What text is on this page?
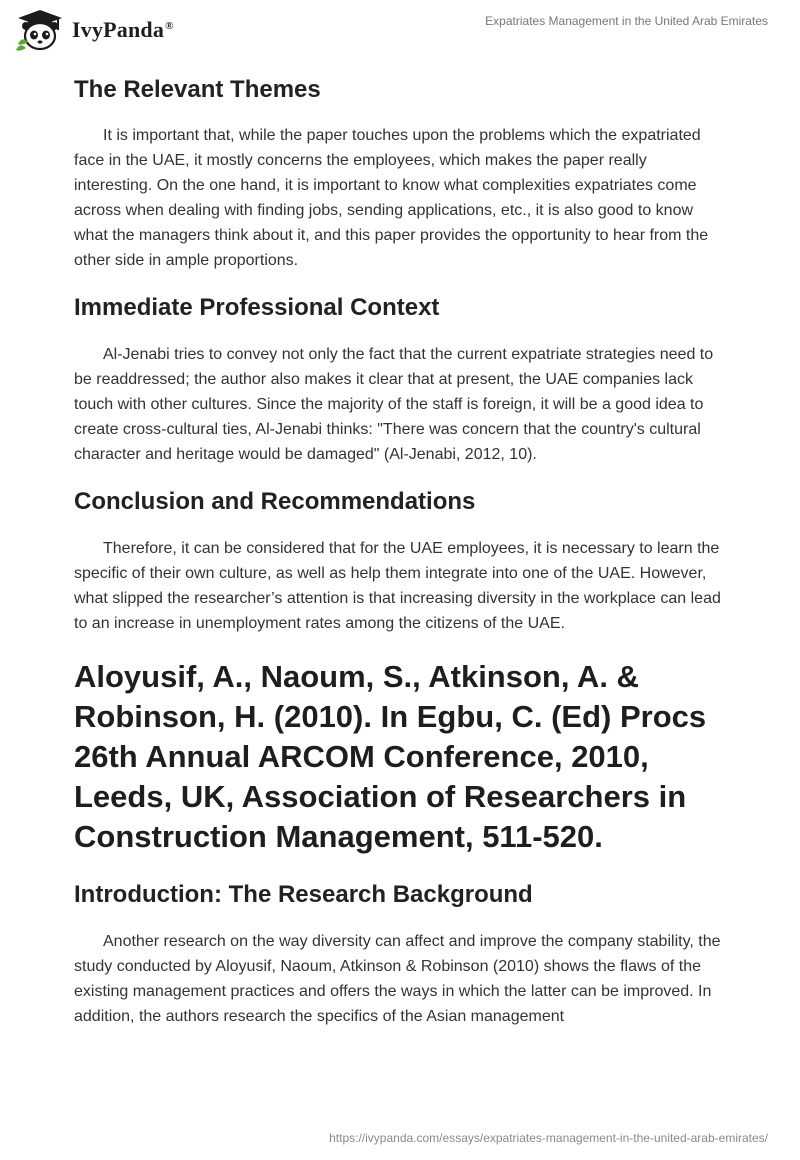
IvyPanda®	Expatriates Management in the United Arab Emirates
The Relevant Themes

It is important that, while the paper touches upon the problems which the expatriated face in the UAE, it mostly concerns the employees, which makes the paper really interesting. On the one hand, it is important to know what complexities expatriates come across when dealing with finding jobs, sending applications, etc., it is also good to know what the managers think about it, and this paper provides the opportunity to hear from the other side in ample proportions.

Immediate Professional Context

Al-Jenabi tries to convey not only the fact that the current expatriate strategies need to be readdressed; the author also makes it clear that at present, the UAE companies lack touch with other cultures. Since the majority of the staff is foreign, it will be a good idea to create cross-cultural ties, Al-Jenabi thinks: "There was concern that the country's cultural character and heritage would be damaged" (Al-Jenabi, 2012, 10).

Conclusion and Recommendations

Therefore, it can be considered that for the UAE employees, it is necessary to learn the specific of their own culture, as well as help them integrate into one of the UAE. However, what slipped the researcher’s attention is that increasing diversity in the workplace can lead to an increase in unemployment rates among the citizens of the UAE.

Aloyusif, A., Naoum, S., Atkinson, A. & Robinson, H. (2010). In Egbu, C. (Ed) Procs 26th Annual ARCOM Conference, 2010, Leeds, UK, Association of Researchers in Construction Management, 511-520.
Introduction: The Research Background

Another research on the way diversity can affect and improve the company stability, the study conducted by Aloyusif, Naoum, Atkinson & Robinson (2010) shows the flaws of the existing management practices and offers the ways in which the latter can be improved. In addition, the authors research the specifics of the Asian management

https://ivypanda.com/essays/expatriates-management-in-the-united-arab-emirates/
